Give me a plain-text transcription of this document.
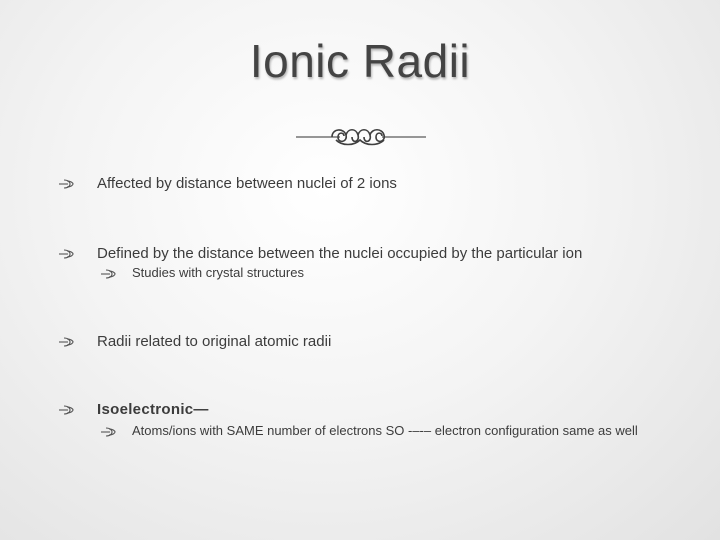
Ionic Radii
Affected by distance between nuclei of 2 ions
Defined by the distance between the nuclei occupied by the particular ion
Studies with crystal structures
Radii related to original atomic radii
Isoelectronic—
Atoms/ions with SAME number of electrons SO -–-– electron configuration same as well
